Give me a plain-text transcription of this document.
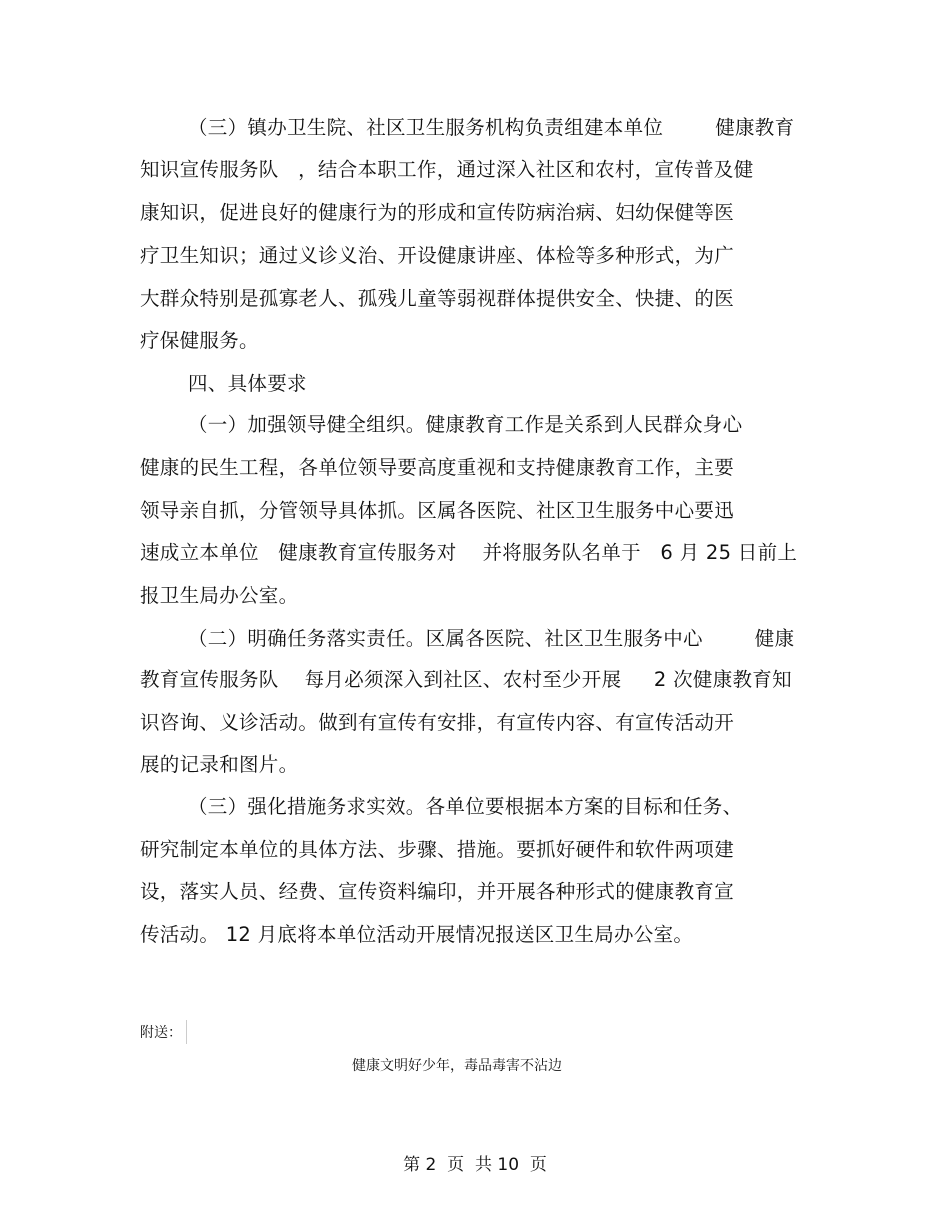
（三）镇办卫生院、社区卫生服务机构负责组建本单位        健康教育
知识宣传服务队   ，结合本职工作，通过深入社区和农村，宣传普及健
康知识，促进良好的健康行为的形成和宣传防病治病、妇幼保健等医
疗卫生知识；通过义诊义治、开设健康讲座、体检等多种形式，为广
大群众特别是孤寡老人、孤残儿童等弱视群体提供安全、快捷、的医
疗保健服务。
四、具体要求
（一）加强领导健全组织。健康教育工作是关系到人民群众身心
健康的民生工程，各单位领导要高度重视和支持健康教育工作，主要
领导亲自抓，分管领导具体抓。区属各医院、社区卫生服务中心要迅
速成立本单位   健康教育宣传服务对    并将服务队名单于   6 月 25 日前上
报卫生局办公室。
（二）明确任务落实责任。区属各医院、社区卫生服务中心        健康
教育宣传服务队    每月必须深入到社区、农村至少开展     2 次健康教育知
识咨询、义诊活动。做到有宣传有安排，有宣传内容、有宣传活动开
展的记录和图片。
（三）强化措施务求实效。各单位要根据本方案的目标和任务、
研究制定本单位的具体方法、步骤、措施。要抓好硬件和软件两项建
设，落实人员、经费、宣传资料编印，并开展各种形式的健康教育宣
传活动。 12 月底将本单位活动开展情况报送区卫生局办公室。
附送：
健康文明好少年，毒品毒害不沾边
第 2  页  共 10  页
